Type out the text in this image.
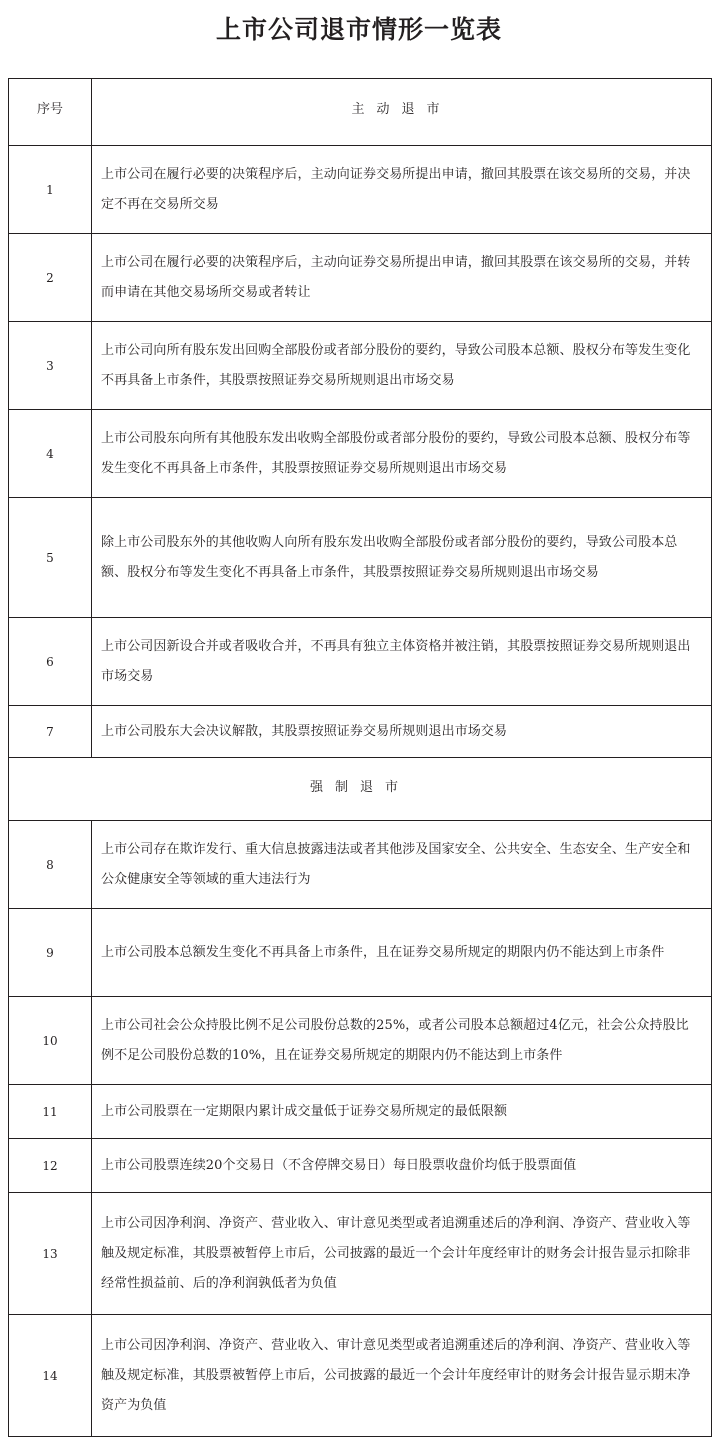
上市公司退市情形一览表
序号	主动退市
1	上市公司在履行必要的决策程序后，主动向证券交易所提出申请，撤回其股票在该交易所的交易，并决定不再在交易所交易
2	上市公司在履行必要的决策程序后，主动向证券交易所提出申请，撤回其股票在该交易所的交易，并转而申请在其他交易场所交易或者转让
3	上市公司向所有股东发出回购全部股份或者部分股份的要约，导致公司股本总额、股权分布等发生变化不再具备上市条件，其股票按照证券交易所规则退出市场交易
4	上市公司股东向所有其他股东发出收购全部股份或者部分股份的要约，导致公司股本总额、股权分布等发生变化不再具备上市条件，其股票按照证券交易所规则退出市场交易
5	除上市公司股东外的其他收购人向所有股东发出收购全部股份或者部分股份的要约，导致公司股本总额、股权分布等发生变化不再具备上市条件，其股票按照证券交易所规则退出市场交易
6	上市公司因新设合并或者吸收合并，不再具有独立主体资格并被注销，其股票按照证券交易所规则退出市场交易
7	上市公司股东大会决议解散，其股票按照证券交易所规则退出市场交易
强制退市	
8	上市公司存在欺诈发行、重大信息披露违法或者其他涉及国家安全、公共安全、生态安全、生产安全和公众健康安全等领域的重大违法行为
9	上市公司股本总额发生变化不再具备上市条件，且在证券交易所规定的期限内仍不能达到上市条件
10	上市公司社会公众持股比例不足公司股份总数的25%，或者公司股本总额超过4亿元，社会公众持股比例不足公司股份总数的10%，且在证券交易所规定的期限内仍不能达到上市条件
11	上市公司股票在一定期限内累计成交量低于证券交易所规定的最低限额
12	上市公司股票连续20个交易日（不含停牌交易日）每日股票收盘价均低于股票面值
13	上市公司因净利润、净资产、营业收入、审计意见类型或者追溯重述后的净利润、净资产、营业收入等触及规定标准，其股票被暂停上市后，公司披露的最近一个会计年度经审计的财务会计报告显示扣除非经常性损益前、后的净利润孰低者为负值
14	上市公司因净利润、净资产、营业收入、审计意见类型或者追溯重述后的净利润、净资产、营业收入等触及规定标准，其股票被暂停上市后，公司披露的最近一个会计年度经审计的财务会计报告显示期末净资产为负值
